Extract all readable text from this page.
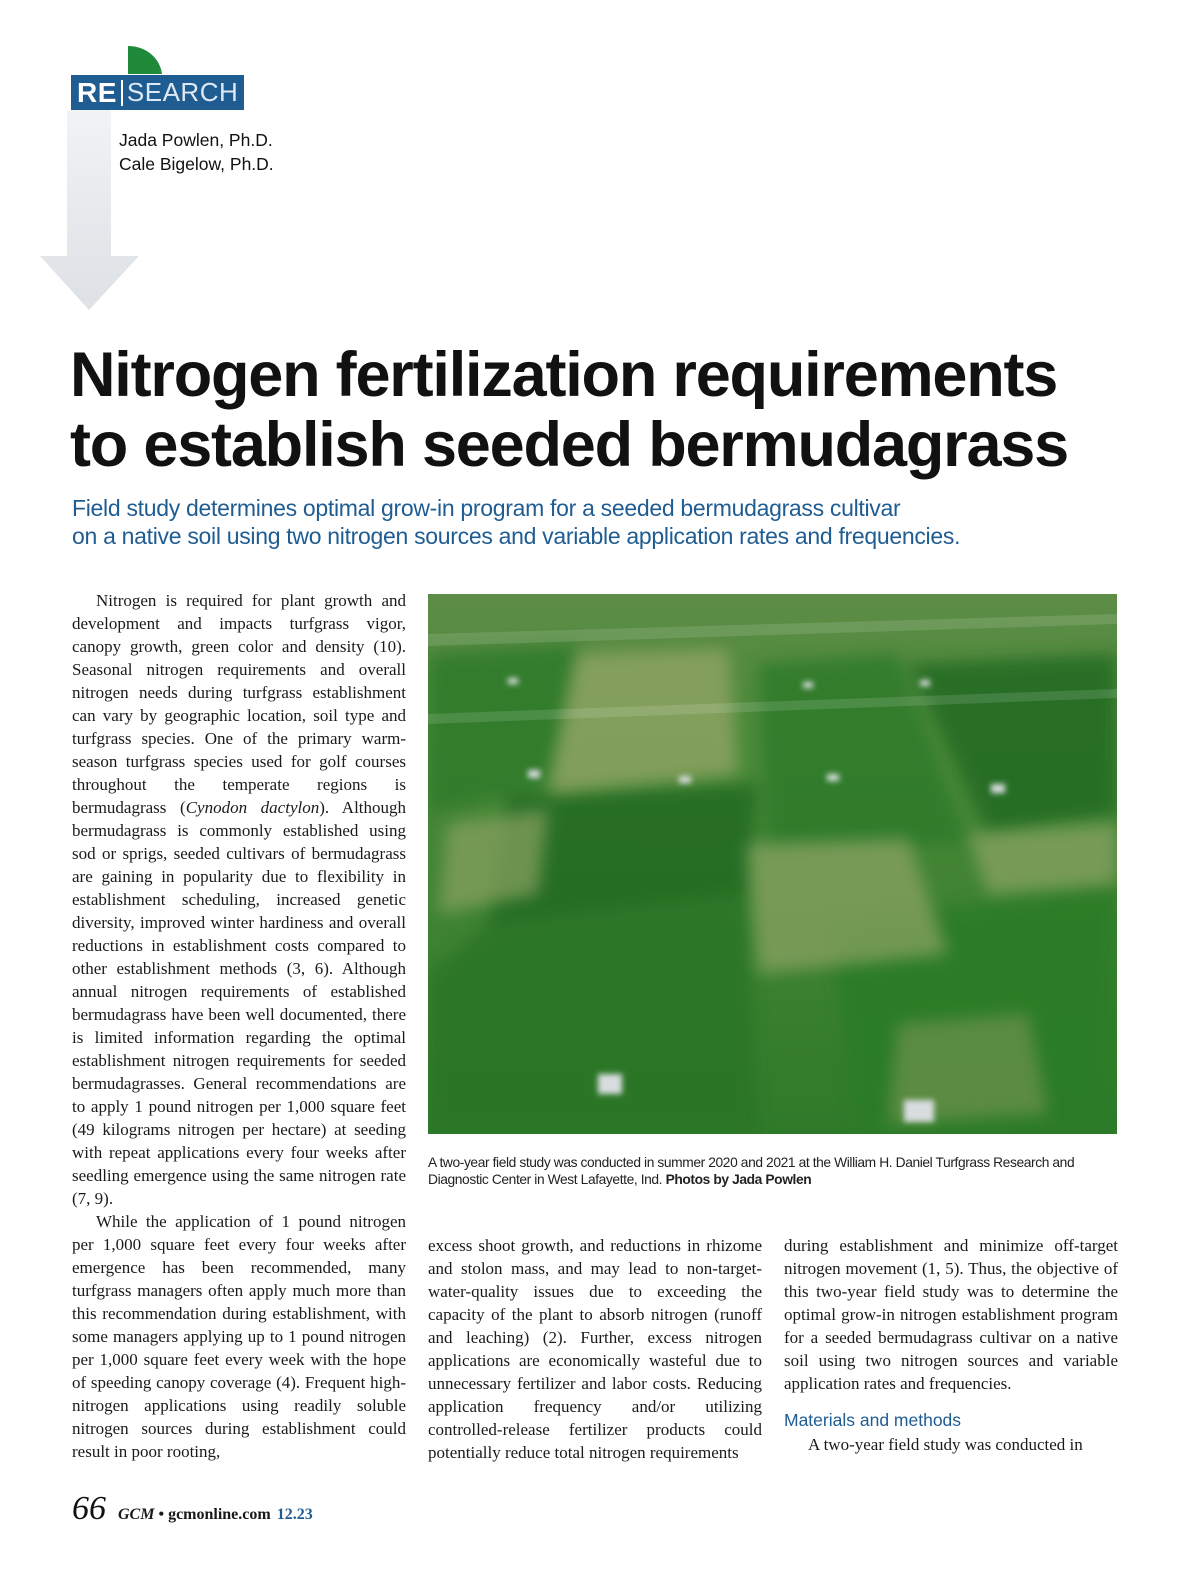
RE SEARCH
Jada Powlen, Ph.D.
Cale Bigelow, Ph.D.
Nitrogen fertilization requirements
to establish seeded bermudagrass
Field study determines optimal grow-in program for a seeded bermudagrass cultivar
on a native soil using two nitrogen sources and variable application rates and frequencies.

Nitrogen is required for plant growth and development and impacts turfgrass vigor, canopy growth, green color and density (10). Seasonal nitrogen requirements and overall nitrogen needs during turfgrass establishment can vary by geographic location, soil type and turfgrass species. One of the primary warm-season turfgrass species used for golf courses throughout the temperate regions is bermudagrass (Cynodon dactylon). Although bermudagrass is commonly established using sod or sprigs, seeded cultivars of bermudagrass are gaining in popularity due to flexibility in establishment scheduling, increased genetic diversity, improved winter hardiness and overall reductions in establishment costs compared to other establishment methods (3, 6). Although annual nitrogen requirements of established bermudagrass have been well documented, there is limited information regarding the optimal establishment nitrogen requirements for seeded bermudagrasses. General recommendations are to apply 1 pound nitrogen per 1,000 square feet (49 kilograms nitrogen per hectare) at seeding with repeat applications every four weeks after seedling emergence using the same nitrogen rate (7, 9).

While the application of 1 pound nitrogen per 1,000 square feet every four weeks after emergence has been recommended, many turfgrass managers often apply much more than this recommendation during establishment, with some managers applying up to 1 pound nitrogen per 1,000 square feet every week with the hope of speeding canopy coverage (4). Frequent high-nitrogen applications using readily soluble nitrogen sources during establishment could result in poor rooting,

A two-year field study was conducted in summer 2020 and 2021 at the William H. Daniel Turfgrass Research and Diagnostic Center in West Lafayette, Ind. Photos by Jada Powlen

excess shoot growth, and reductions in rhizome and stolon mass, and may lead to non-target-water-quality issues due to exceeding the capacity of the plant to absorb nitrogen (runoff and leaching) (2). Further, excess nitrogen applications are economically wasteful due to unnecessary fertilizer and labor costs. Reducing application frequency and/or utilizing controlled-release fertilizer products could potentially reduce total nitrogen requirements

during establishment and minimize off-target nitrogen movement (1, 5). Thus, the objective of this two-year field study was to determine the optimal grow-in nitrogen establishment program for a seeded bermudagrass cultivar on a native soil using two nitrogen sources and variable application rates and frequencies.

Materials and methods

A two-year field study was conducted in

66 GCM • gcmonline.com 12.23
